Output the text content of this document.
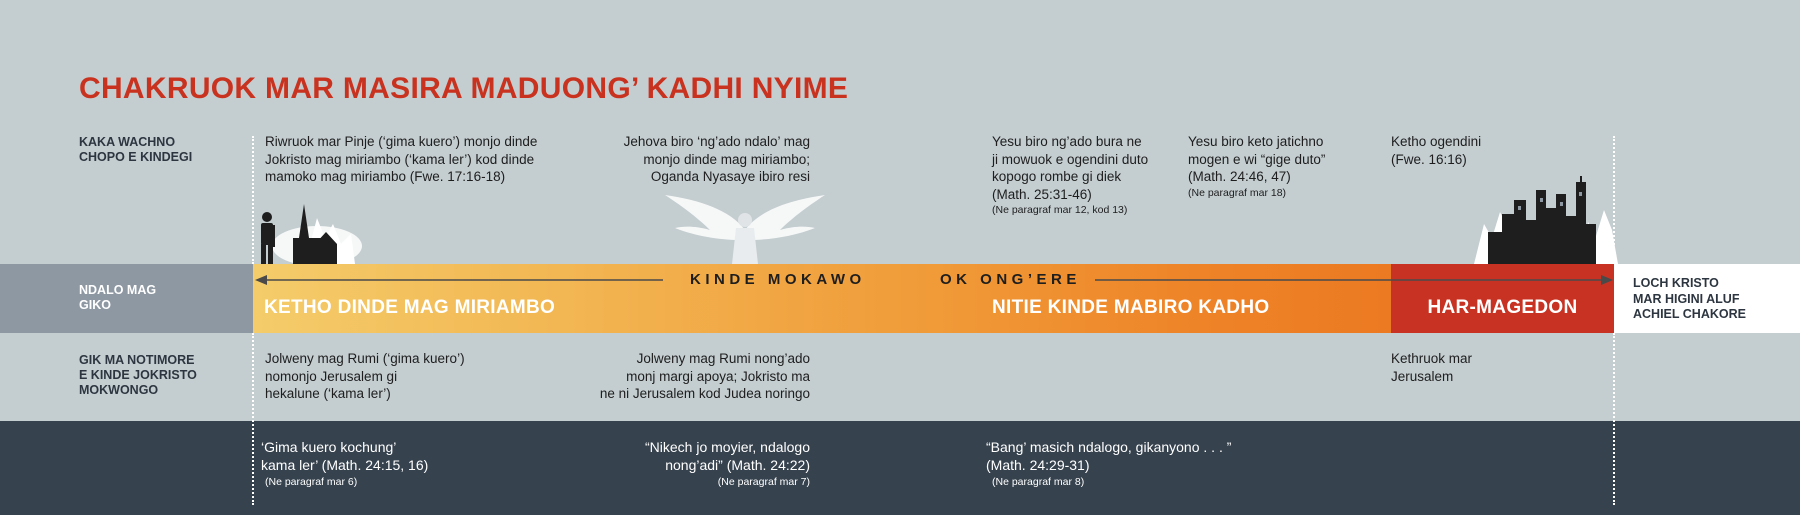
CHAKRUOK MAR MASIRA MADUONG’ KADHI NYIME
KAKA WACHNO
CHOPO E KINDEGI
Riwruok mar Pinje (‘gima kuero’) monjo dinde
Jokristo mag miriambo (‘kama ler’) kod dinde
mamoko mag miriambo (Fwe. 17:16-18)
Jehova biro ‘ng’ado ndalo’ mag
monjo dinde mag miriambo;
Oganda Nyasaye ibiro resi
Yesu biro ng’ado bura ne
ji mowuok e ogendini duto
kopogo rombe gi diek
(Math. 25:31-46)
(Ne paragraf mar 12, kod 13)
Yesu biro keto jatichno
mogen e wi “gige duto”
(Math. 24:46, 47)
(Ne paragraf mar 18)
Ketho ogendini
(Fwe. 16:16)
NDALO MAG
GIKO
KINDE MOKAWO	OK ONG’ERE
KETHO DINDE MAG MIRIAMBO	NITIE KINDE MABIRO KADHO	HAR-MAGEDON
LOCH KRISTO
MAR HIGINI ALUF
ACHIEL CHAKORE
GIK MA NOTIMORE
E KINDE JOKRISTO
MOKWONGO
Jolweny mag Rumi (‘gima kuero’)
nomonjo Jerusalem gi
hekalune (‘kama ler’)
Jolweny mag Rumi nong’ado
monj margi apoya; Jokristo ma
ne ni Jerusalem kod Judea noringo
Kethruok mar
Jerusalem
‘Gima kuero kochung’
kama ler’ (Math. 24:15, 16)
(Ne paragraf mar 6)
“Nikech jo moyier, ndalogo
nong’adi” (Math. 24:22)
(Ne paragraf mar 7)
“Bang’ masich ndalogo, gikanyono . . . ”
(Math. 24:29-31)
(Ne paragraf mar 8)
